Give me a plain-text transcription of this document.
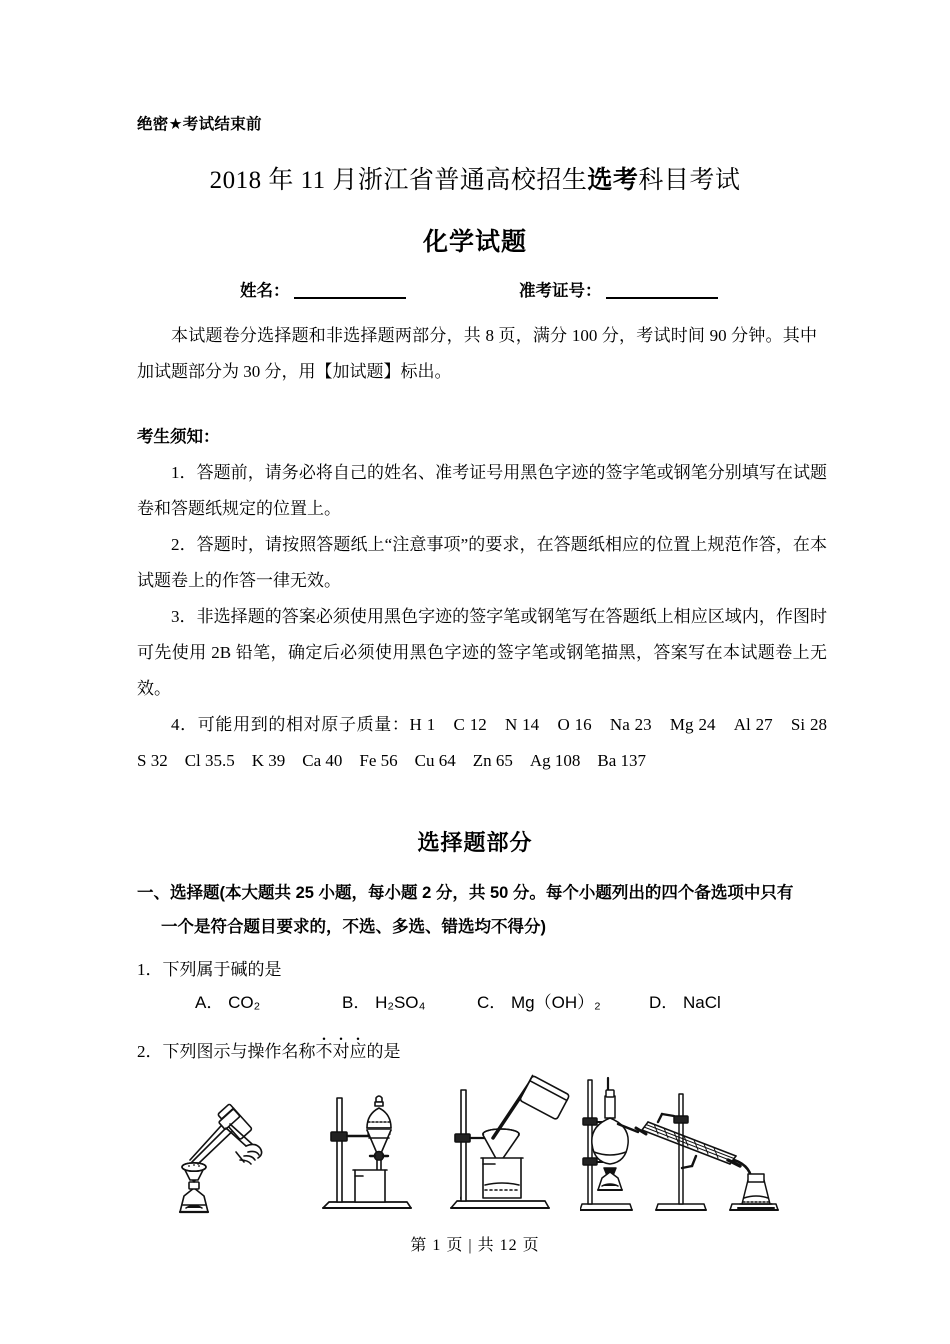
绝密★考试结束前
2018 年 11 月浙江省普通高校招生选考科目考试
化学试题
姓名：	准考证号：
本试题卷分选择题和非选择题两部分，共 8 页，满分 100 分，考试时间 90 分钟。其中加试题部分为 30 分，用【加试题】标出。
考生须知：

1．答题前，请务必将自己的姓名、准考证号用黑色字迹的签字笔或钢笔分别填写在试题卷和答题纸规定的位置上。

2．答题时，请按照答题纸上“注意事项”的要求，在答题纸相应的位置上规范作答，在本试题卷上的作答一律无效。

3．非选择题的答案必须使用黑色字迹的签字笔或钢笔写在答题纸上相应区域内，作图时可先使用 2B 铅笔，确定后必须使用黑色字迹的签字笔或钢笔描黑，答案写在本试题卷上无效。

4．可能用到的相对原子质量：H 1　C 12　N 14　O 16　Na 23　Mg 24　Al 27　Si 28　S 32　Cl 35.5　K 39　Ca 40　Fe 56　Cu 64　Zn 65　Ag 108　Ba 137

选择题部分
一、选择题(本大题共 25 小题，每小题 2 分，共 50 分。每个小题列出的四个备选项中只有
一个是符合题目要求的，不选、多选、错选均不得分)
1．下列属于碱的是
A． CO₂	B． H₂SO₄	C． Mg（OH）₂	D． NaCl
2．下列图示与操作名称不对应的是
第 1 页 | 共 12 页
